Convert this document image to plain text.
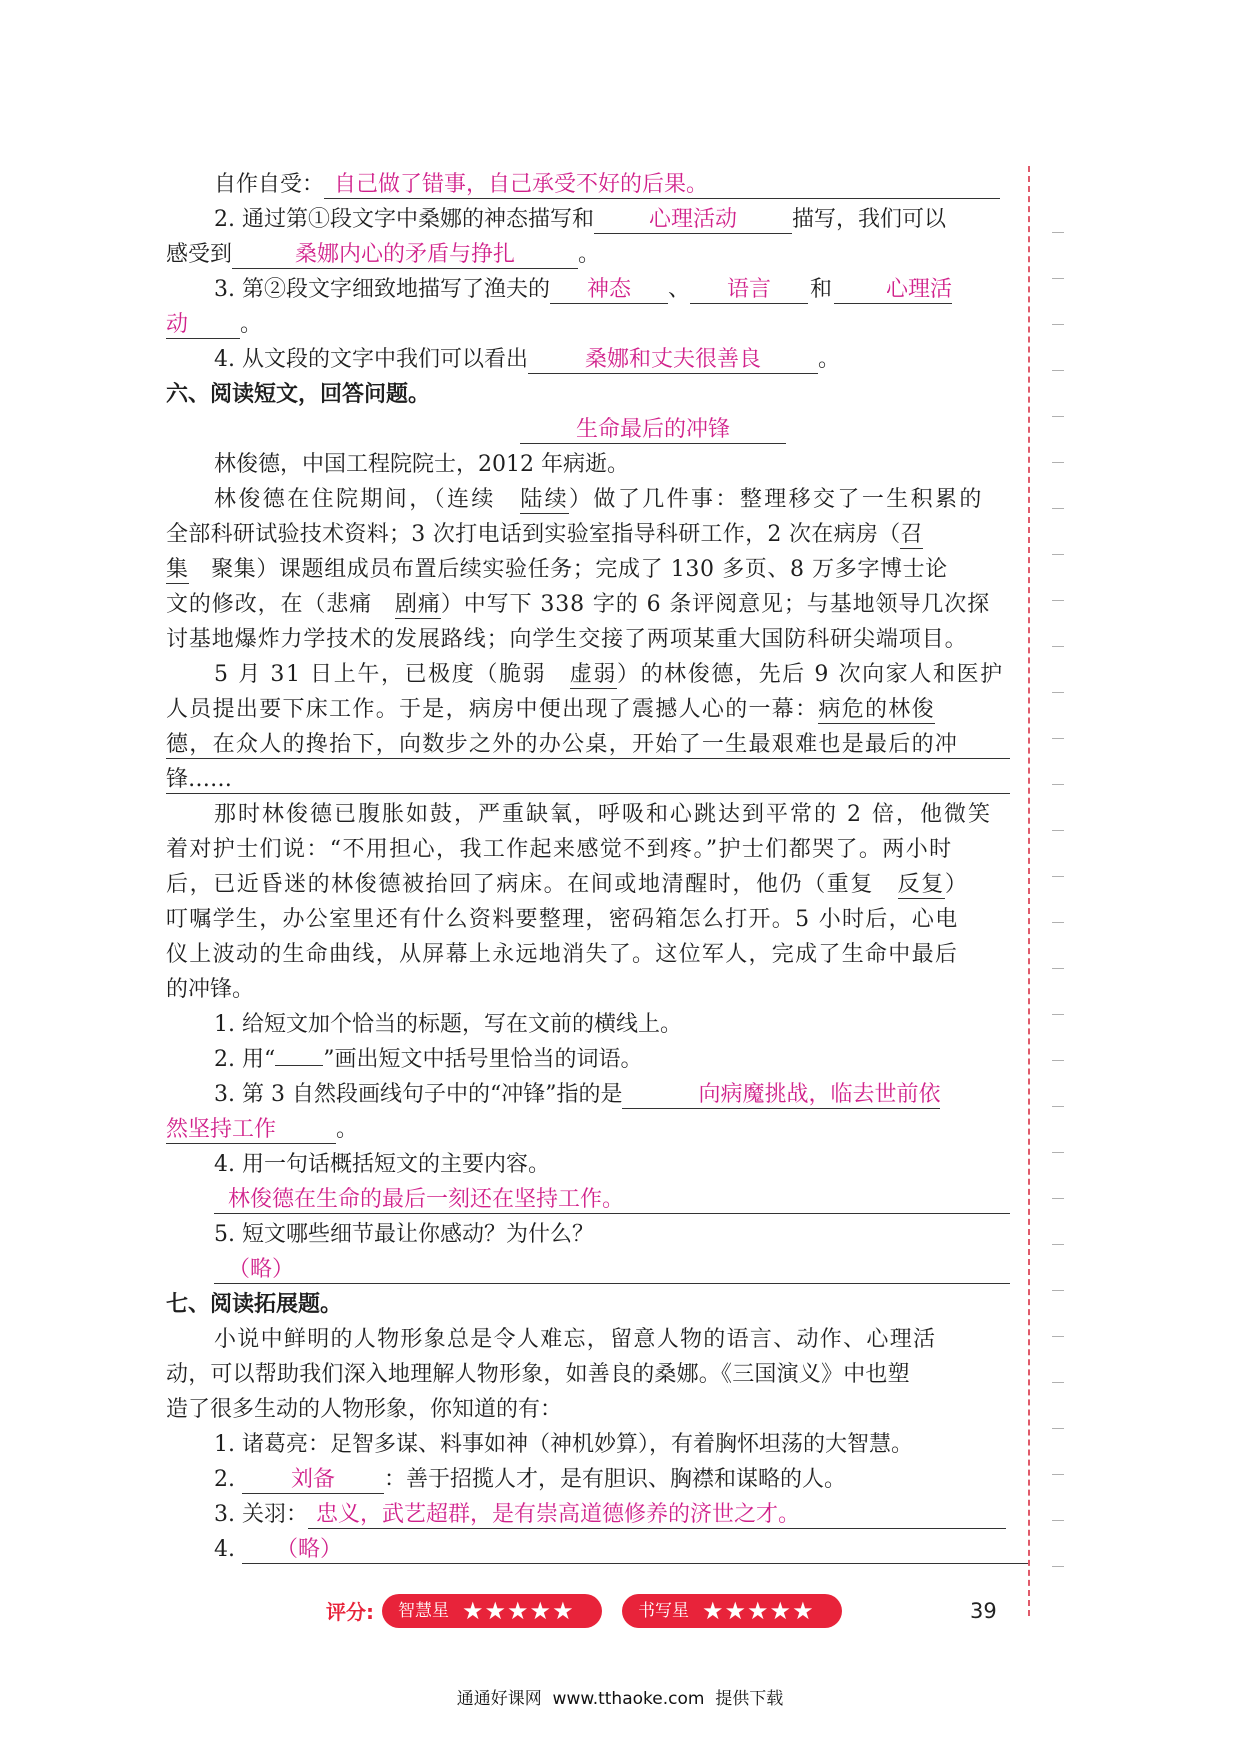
自作自受： 自己做了错事，自己承受不好的后果。
2. 通过第①段文字中桑娜的神态描写和 心理活动	描写，我们可以
感受到	桑娜内心的矛盾与挣扎	。
3. 第②段文字细致地描写了渔夫的 神态 、 语言 和 心理活
动 。
4. 从文段的文字中我们可以看出	桑娜和丈夫很善良	。
六、阅读短文，回答问题。
生命最后的冲锋
林俊德，中国工程院院士，2012 年病逝。
林俊德在住院期间，（连续　陆续）做了几件事：整理移交了一生积累的
全部科研试验技术资料；3 次打电话到实验室指导科研工作，2 次在病房（召
集　聚集）课题组成员布置后续实验任务；完成了 130 多页、8 万多字博士论
文的修改，在（悲痛　剧痛）中写下 338 字的 6 条评阅意见；与基地领导几次探
讨基地爆炸力学技术的发展路线；向学生交接了两项某重大国防科研尖端项目。
5 月 31 日上午，已极度（脆弱　虚弱）的林俊德，先后 9 次向家人和医护
人员提出要下床工作。于是，病房中便出现了震撼人心的一幕：病危的林俊
德，在众人的搀抬下，向数步之外的办公桌，开始了一生最艰难也是最后的冲
锋……
那时林俊德已腹胀如鼓，严重缺氧，呼吸和心跳达到平常的 2 倍，他微笑
着对护士们说：“不用担心，我工作起来感觉不到疼。”护士们都哭了。两小时
后，已近昏迷的林俊德被抬回了病床。在间或地清醒时，他仍（重复　反复）
叮嘱学生，办公室里还有什么资料要整理，密码箱怎么打开。5 小时后，心电
仪上波动的生命曲线，从屏幕上永远地消失了。这位军人，完成了生命中最后
的冲锋。
1. 给短文加个恰当的标题，写在文前的横线上。
2. 用“ ”画出短文中括号里恰当的词语。
3. 第 3 自然段画线句子中的“冲锋”指的是	向病魔挑战，临去世前依
然坚持工作	。
4. 用一句话概括短文的主要内容。
林俊德在生命的最后一刻还在坚持工作。
5. 短文哪些细节最让你感动？为什么？
（略）
七、阅读拓展题。
小说中鲜明的人物形象总是令人难忘，留意人物的语言、动作、心理活
动，可以帮助我们深入地理解人物形象，如善良的桑娜。《三国演义》中也塑
造了很多生动的人物形象，你知道的有：
1. 诸葛亮：足智多谋、料事如神（神机妙算），有着胸怀坦荡的大智慧。
2.	刘备 ：善于招揽人才，是有胆识、胸襟和谋略的人。
3. 关羽： 忠义，武艺超群，是有崇高道德修养的济世之才。
4. （略）
评分: 智慧星 ★★★★★	书写星 ★★★★★	39
通通好课网  www.tthaoke.com  提供下载
